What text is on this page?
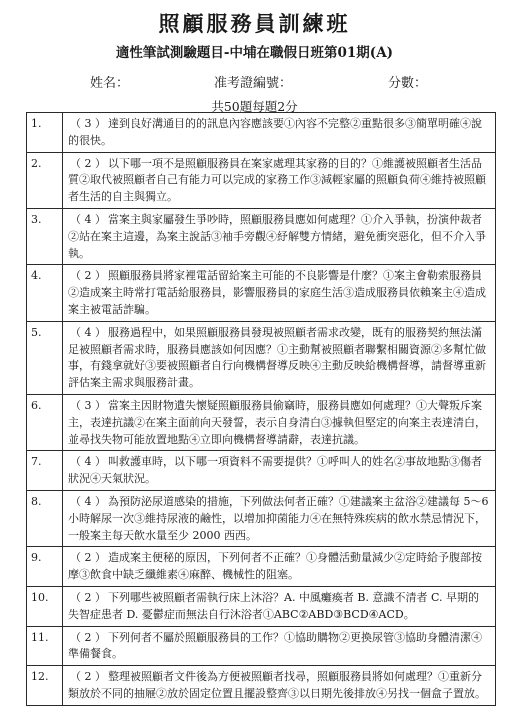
照顧服務員訓練班
適性筆試測驗題目-中埔在職假日班第01期(A)
姓名：	准考證編號：	分數：
共50題每題2分
1.	（ 3 ） 達到良好溝通目的的訊息內容應該要①內容不完整②重點很多③簡單明確④說的很快。
2.	（ 2 ） 以下哪一項不是照顧服務員在案家處理其家務的目的？①維護被照顧者生活品質②取代被照顧者自己有能力可以完成的家務工作③減輕家屬的照顧負荷④維持被照顧者生活的自主與獨立。
3.	（ 4 ） 當案主與家屬發生爭吵時，照顧服務員應如何處理？①介入爭執，扮演仲裁者②站在案主這邊，為案主說話③袖手旁觀④紓解雙方情緒，避免衝突惡化，但不介入爭執。
4.	（ 2 ） 照顧服務員將家裡電話留給案主可能的不良影響是什麼？①案主會勒索服務員②造成案主時常打電話給服務員，影響服務員的家庭生活③造成服務員依賴案主④造成案主被電話詐騙。
5.	（ 4 ） 服務過程中，如果照顧服務員發現被照顧者需求改變，既有的服務契約無法滿足被照顧者需求時，服務員應該如何因應？①主動幫被照顧者聯繫相關資源②多幫忙做事，有錢拿就好③要被照顧者自行向機構督導反映④主動反映給機構督導，請督導重新評估案主需求與服務計畫。
6.	（ 3 ） 當案主因財物遺失懷疑照顧服務員偷竊時，服務員應如何處理？①大聲叛斥案主，表達抗議②在案主面前向天發誓，表示自身清白③據執但堅定的向案主表達清白，並尋找失物可能放置地點④立即向機構督導請辭，表達抗議。
7.	（ 4 ） 叫救護車時，以下哪一項資料不需要提供？①呼叫人的姓名②事故地點③傷者狀況④天氣狀況。
8.	（ 4 ） 為預防泌尿道感染的措施，下列做法何者正確？①建議案主盆浴②建議每 5～6小時解尿一次③維持尿液的鹼性，以增加抑菌能力④在無特殊疾病的飲水禁忌情況下，一般案主每天飲水量至少 2000 西西。
9.	（ 2 ） 造成案主便秘的原因，下列何者不正確？①身體活動量減少②定時給予腹部按摩③飲食中缺乏纖維素④麻醉、機械性的阻塞。
10.	（ 2 ） 下列哪些被照顧者需執行床上沐浴？A. 中風癱瘓者 B. 意識不清者 C. 早期的失智症患者 D. 憂鬱症而無法自行沐浴者①ABC②ABD③BCD④ACD。
11.	（ 2 ） 下列何者不屬於照顧服務員的工作？①協助購物②更換尿管③協助身體清潔④準備餐食。
12.	（ 2 ） 整理被照顧者文件後為方便被照顧者找尋，照顧服務員將如何處理？①重新分類放於不同的抽屜②放於固定位置且擺設整齊③以日期先後排放④另找一個盒子置放。
